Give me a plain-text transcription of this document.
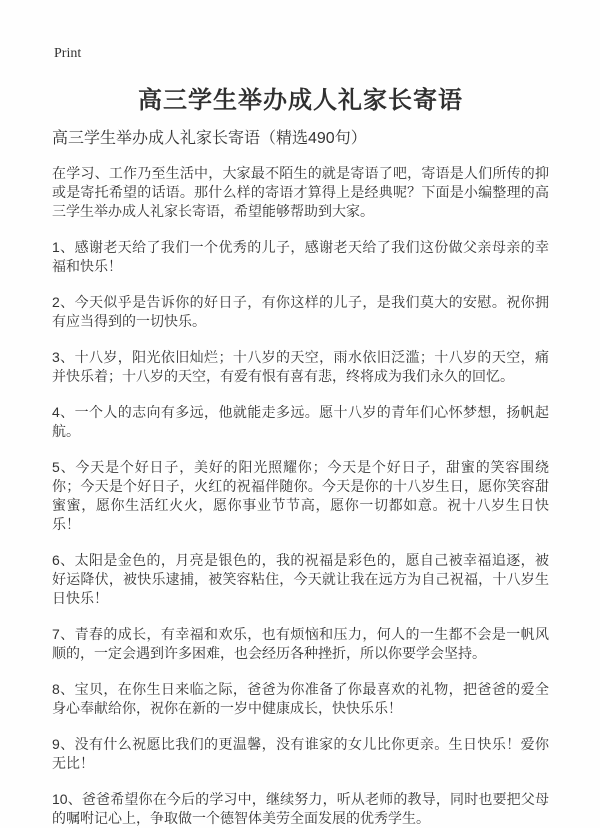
Print
高三学生举办成人礼家长寄语

高三学生举办成人礼家长寄语（精选490句）

在学习、工作乃至生活中，大家最不陌生的就是寄语了吧，寄语是人们所传的抑或是寄托希望的话语。那什么样的寄语才算得上是经典呢？下面是小编整理的高三学生举办成人礼家长寄语，希望能够帮助到大家。

1、感谢老天给了我们一个优秀的儿子，感谢老天给了我们这份做父亲母亲的幸福和快乐！

2、今天似乎是告诉你的好日子，有你这样的儿子，是我们莫大的安慰。祝你拥有应当得到的一切快乐。

3、十八岁，阳光依旧灿烂；十八岁的天空，雨水依旧泛滥；十八岁的天空，痛并快乐着；十八岁的天空，有爱有恨有喜有悲，终将成为我们永久的回忆。

4、一个人的志向有多远，他就能走多远。愿十八岁的青年们心怀梦想，扬帆起航。

5、今天是个好日子，美好的阳光照耀你；今天是个好日子，甜蜜的笑容围绕你；今天是个好日子，火红的祝福伴随你。今天是你的十八岁生日，愿你笑容甜蜜蜜，愿你生活红火火，愿你事业节节高，愿你一切都如意。祝十八岁生日快乐！

6、太阳是金色的，月亮是银色的，我的祝福是彩色的，愿自己被幸福追逐，被好运降伏，被快乐逮捕，被笑容粘住，今天就让我在远方为自己祝福，十八岁生日快乐！

7、青春的成长，有幸福和欢乐，也有烦恼和压力，何人的一生都不会是一帆风顺的，一定会遇到许多困难，也会经历各种挫折，所以你要学会坚持。

8、宝贝，在你生日来临之际，爸爸为你准备了你最喜欢的礼物，把爸爸的爱全身心奉献给你，祝你在新的一岁中健康成长，快快乐乐！

9、没有什么祝愿比我们的更温馨，没有谁家的女儿比你更亲。生日快乐！爱你无比！

10、爸爸希望你在今后的学习中，继续努力，听从老师的教导，同时也要把父母的嘱咐记心上，争取做一个德智体美劳全面发展的优秀学生。
